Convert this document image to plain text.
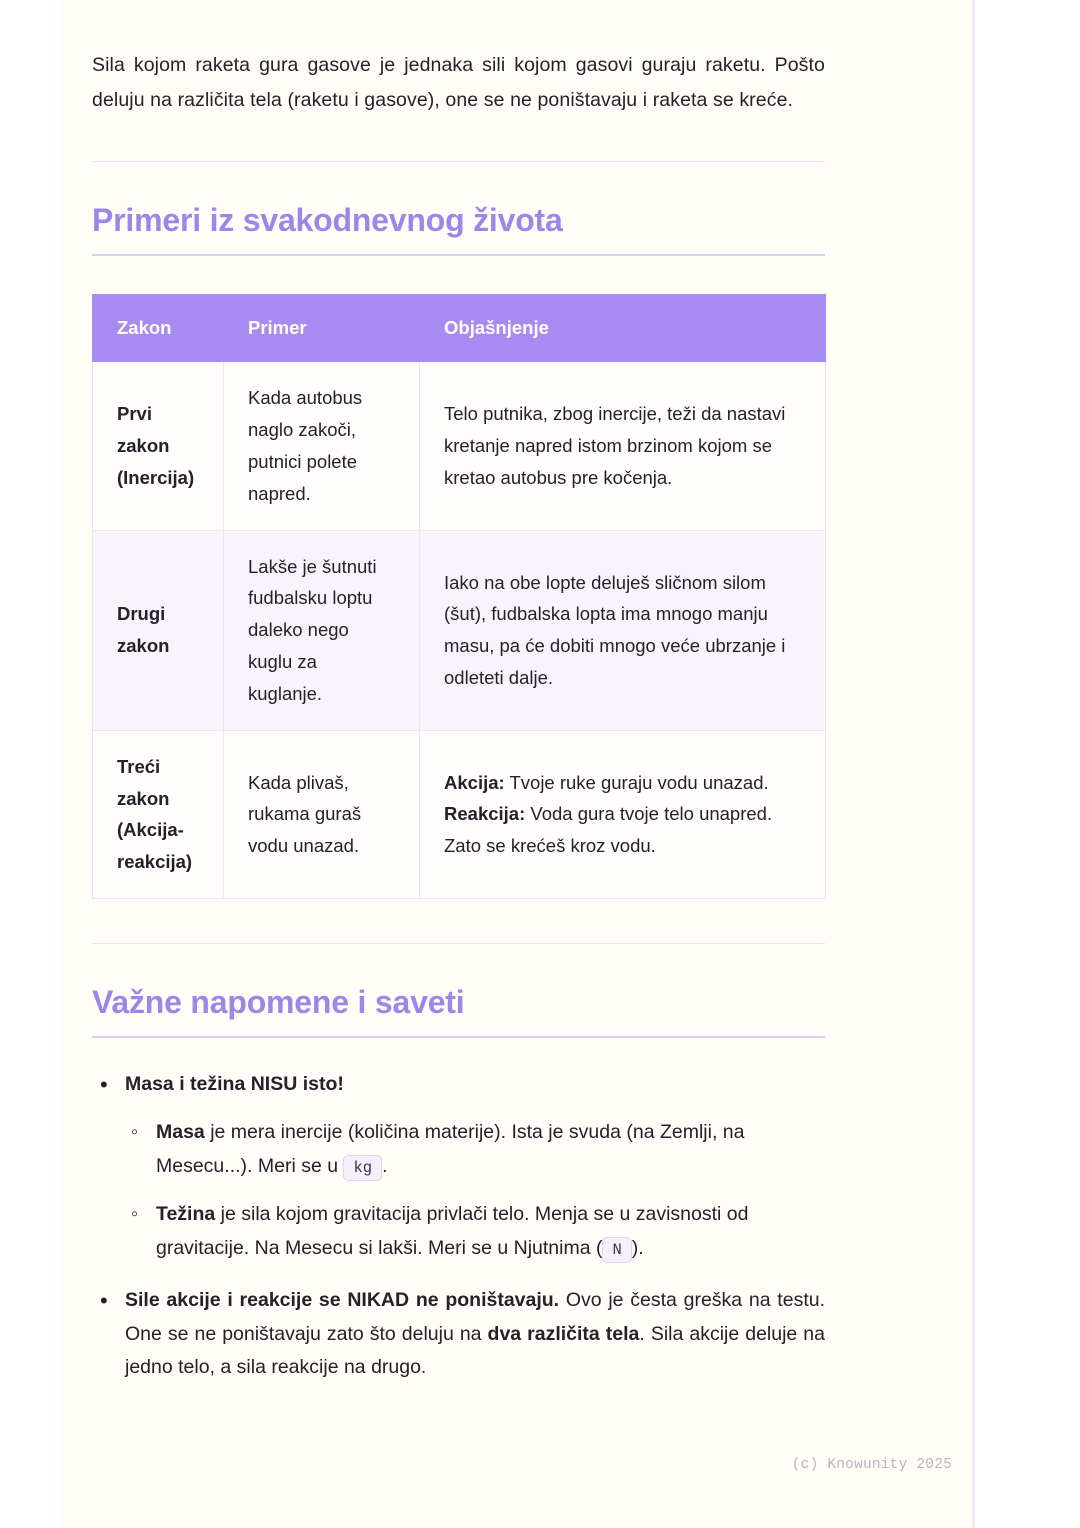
Sila kojom raketa gura gasove je jednaka sili kojom gasovi guraju raketu. Pošto deluju na različita tela (raketu i gasove), one se ne poništavaju i raketa se kreće.

Primeri iz svakodnevnog života
Zakon	Primer	Objašnjenje
Prvi zakon (Inercija)	Kada autobus naglo zakoči, putnici polete napred.	Telo putnika, zbog inercije, teži da nastavi kretanje napred istom brzinom kojom se kretao autobus pre kočenja.
Drugi zakon	Lakše je šutnuti fudbalsku loptu daleko nego kuglu za kuglanje.	Iako na obe lopte deluješ sličnom silom (šut), fudbalska lopta ima mnogo manju masu, pa će dobiti mnogo veće ubrzanje i odleteti dalje.
Treći zakon (Akcija-reakcija)	Kada plivaš, rukama guraš vodu unazad.	Akcija: Tvoje ruke guraju vodu unazad.
Reakcija: Voda gura tvoje telo unapred. Zato se krećeš kroz vodu.
Važne napomene i saveti
• Masa i težina NISU isto!
◦ Masa je mera inercije (količina materije). Ista je svuda (na Zemlji, na Mesecu...). Meri se u kg .
◦ Težina je sila kojom gravitacija privlači telo. Menja se u zavisnosti od gravitacije. Na Mesecu si lakši. Meri se u Njutnima ( N ).
• Sile akcije i reakcije se NIKAD ne poništavaju. Ovo je česta greška na testu. One se ne poništavaju zato što deluju na dva različita tela. Sila akcije deluje na jedno telo, a sila reakcije na drugo.
(c) Knowunity 2025
